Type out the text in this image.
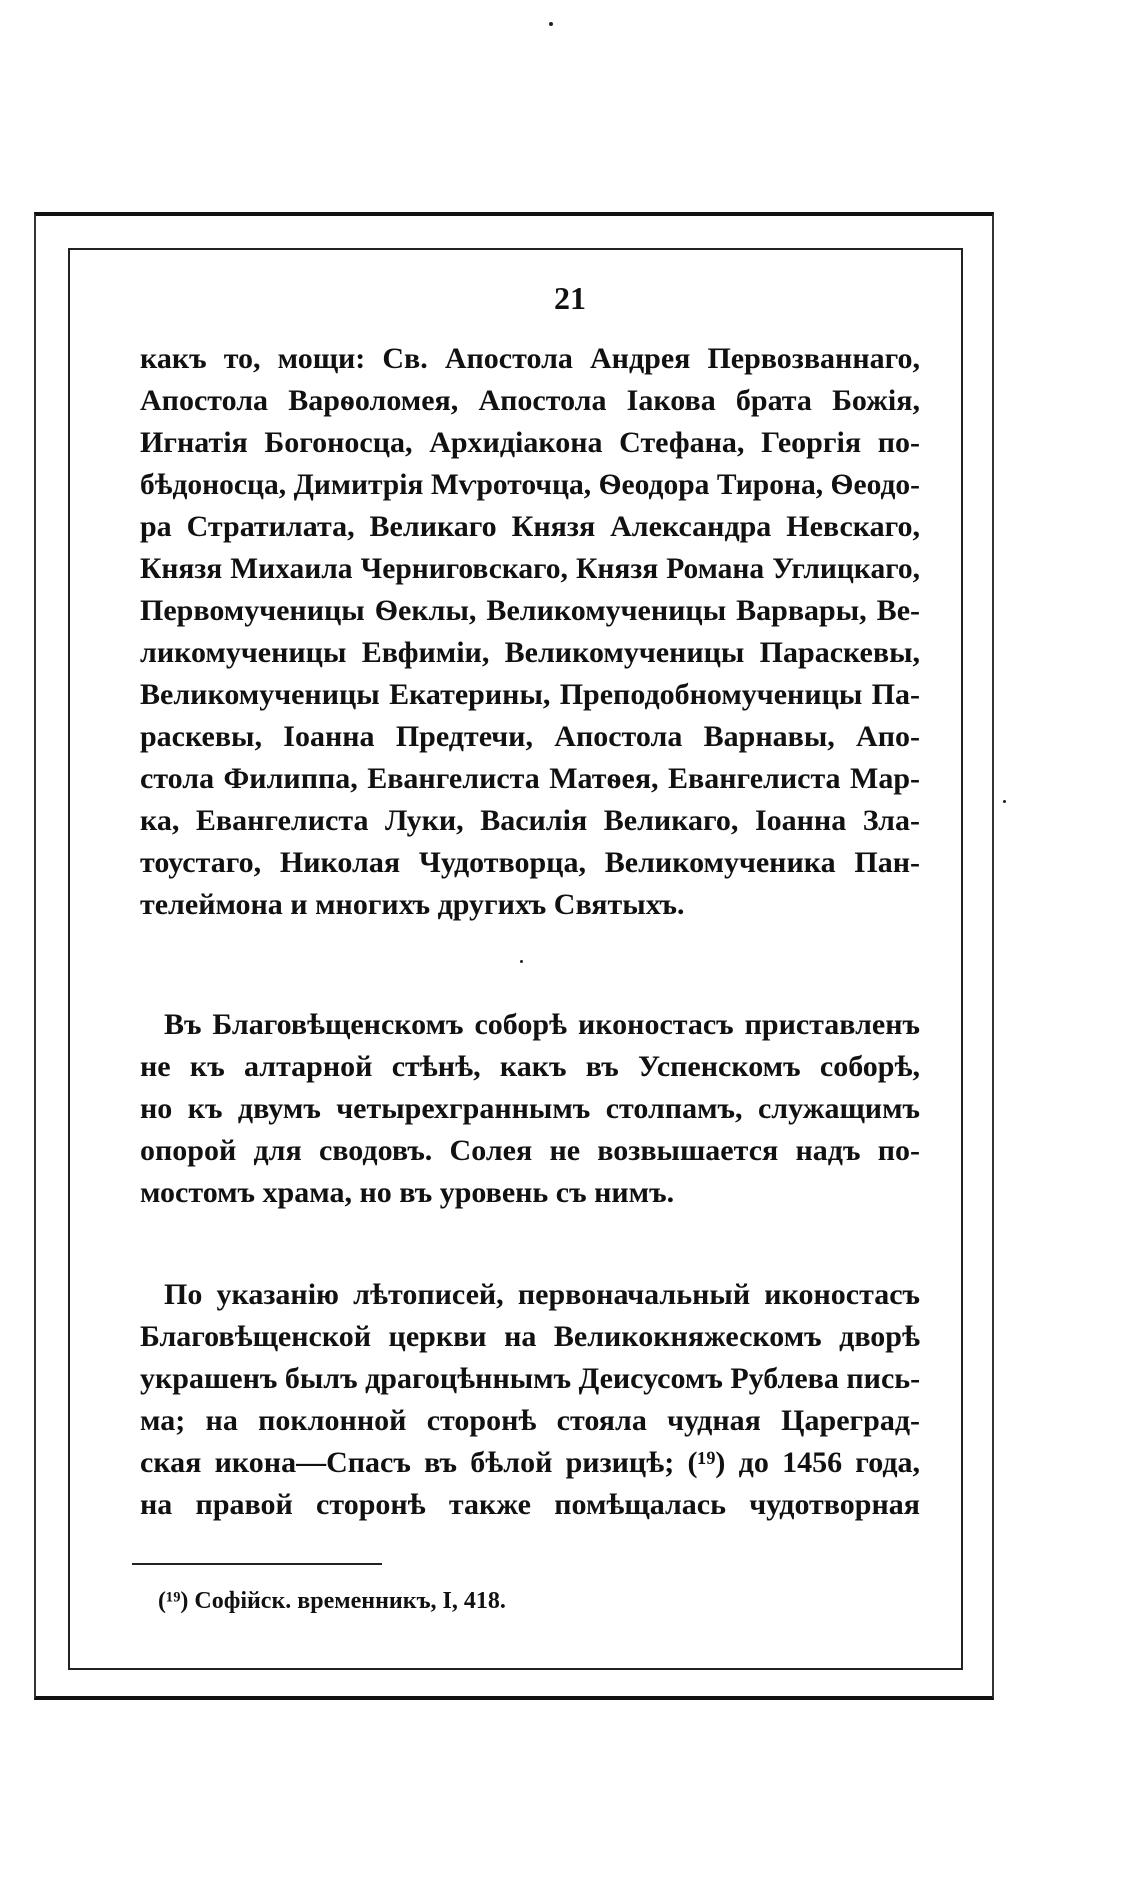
21
какъ то, мощи: Св. Апостола Андрея Первозваннаго,
Апостола Варѳоломея, Апостола Іакова брата Божія,
Игнатія Богоносца, Архидіакона Стефана, Георгія по-
бѣдоносца, Димитрія Мѵроточца, Ѳеодора Тирона, Ѳеодо-
ра Стратилата, Великаго Князя Александра Невскаго,
Князя Михаила Черниговскаго, Князя Романа Углицкаго,
Первомученицы Ѳеклы, Великомученицы Варвары, Ве-
ликомученицы Евфиміи, Великомученицы Параскевы,
Великомученицы Екатерины, Преподобномученицы Па-
раскевы, Іоанна Предтечи, Апостола Варнавы, Апо-
стола Филиппа, Евангелиста Матѳея, Евангелиста Мар-
ка, Евангелиста Луки, Василія Великаго, Іоанна Зла-
тоустаго, Николая Чудотворца, Великомученика Пан-
телеймона и многихъ другихъ Святыхъ.
Въ Благовѣщенскомъ соборѣ иконостасъ приставленъ
не къ алтарной стѣнѣ, какъ въ Успенскомъ соборѣ,
но къ двумъ четырехграннымъ столпамъ, служащимъ
опорой для сводовъ. Солея не возвышается надъ по-
мостомъ храма, но въ уровень съ нимъ.
По указанію лѣтописей, первоначальный иконостасъ
Благовѣщенской церкви на Великокняжескомъ дворѣ
украшенъ былъ драгоцѣннымъ Деисусомъ Рублева пись-
ма; на поклонной сторонѣ стояла чудная Цареград-
ская икона—Спасъ въ бѣлой ризицѣ; (¹⁹) до 1456 года,
на правой сторонѣ также помѣщалась чудотворная
(¹⁹) Софійск. временникъ, I, 418.
